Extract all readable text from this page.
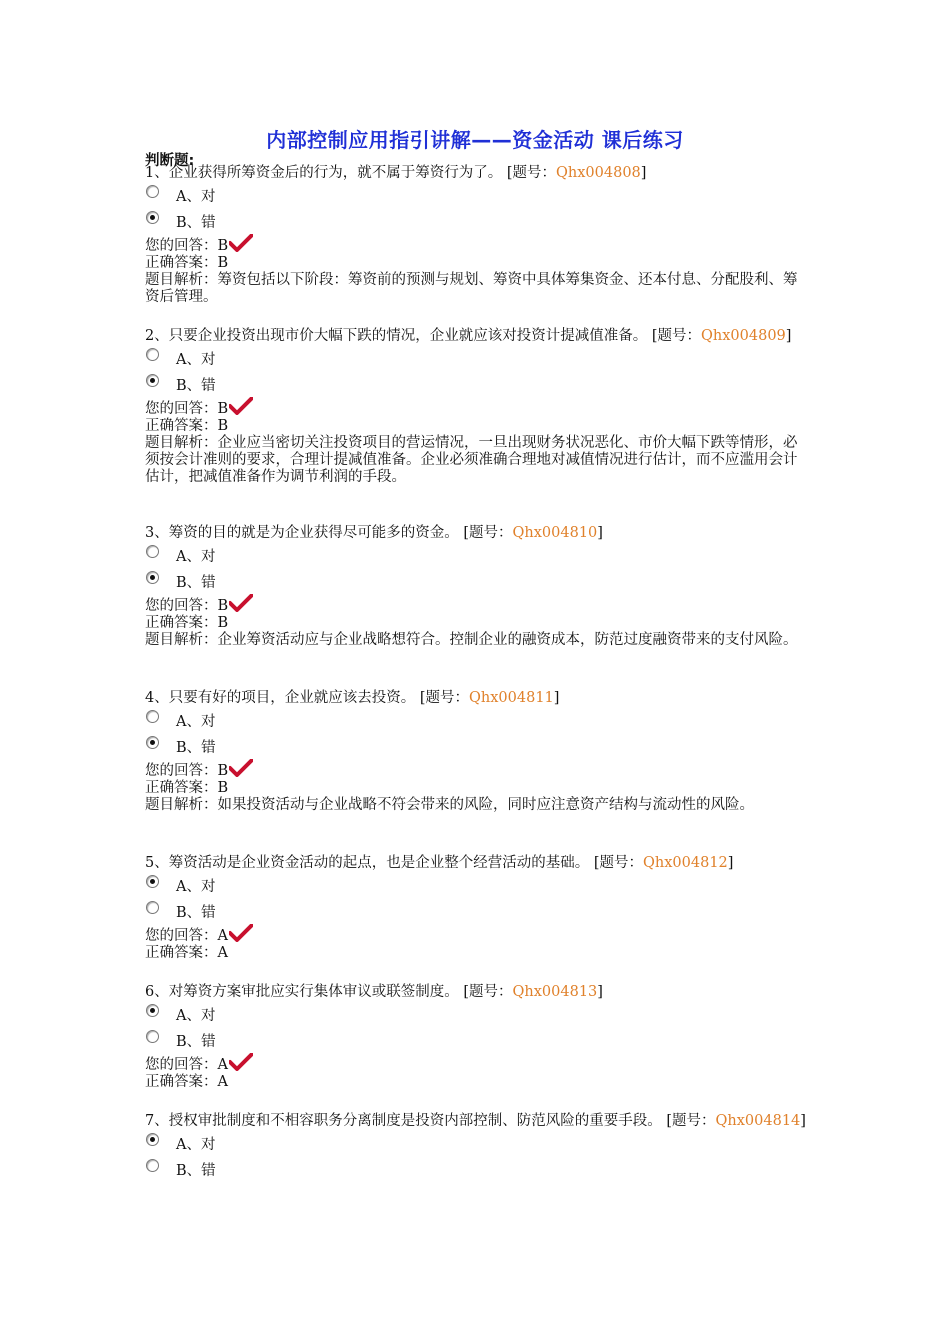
内部控制应用指引讲解——资金活动 课后练习
判断题:

1、企业获得所筹资金后的行为，就不属于筹资行为了。 [题号：Qhx004808]

A、对
B、错

您的回答：B

正确答案：B

题目解析：筹资包括以下阶段：筹资前的预测与规划、筹资中具体筹集资金、还本付息、分配股利、筹资后管理。

2、只要企业投资出现市价大幅下跌的情况，企业就应该对投资计提减值准备。 [题号：Qhx004809]

A、对
B、错

您的回答：B

正确答案：B

题目解析：企业应当密切关注投资项目的营运情况，一旦出现财务状况恶化、市价大幅下跌等情形，必须按会计准则的要求，合理计提减值准备。企业必须准确合理地对减值情况进行估计，而不应滥用会计估计，把减值准备作为调节利润的手段。

3、筹资的目的就是为企业获得尽可能多的资金。 [题号：Qhx004810]

A、对
B、错

您的回答：B

正确答案：B

题目解析：企业筹资活动应与企业战略想符合。控制企业的融资成本，防范过度融资带来的支付风险。

4、只要有好的项目，企业就应该去投资。 [题号：Qhx004811]

A、对
B、错

您的回答：B

正确答案：B

题目解析：如果投资活动与企业战略不符会带来的风险，同时应注意资产结构与流动性的风险。

5、筹资活动是企业资金活动的起点，也是企业整个经营活动的基础。 [题号：Qhx004812]

A、对
B、错

您的回答：A

正确答案：A

6、对筹资方案审批应实行集体审议或联签制度。 [题号：Qhx004813]

A、对
B、错

您的回答：A

正确答案：A

7、授权审批制度和不相容职务分离制度是投资内部控制、防范风险的重要手段。 [题号：Qhx004814]

A、对
B、错
